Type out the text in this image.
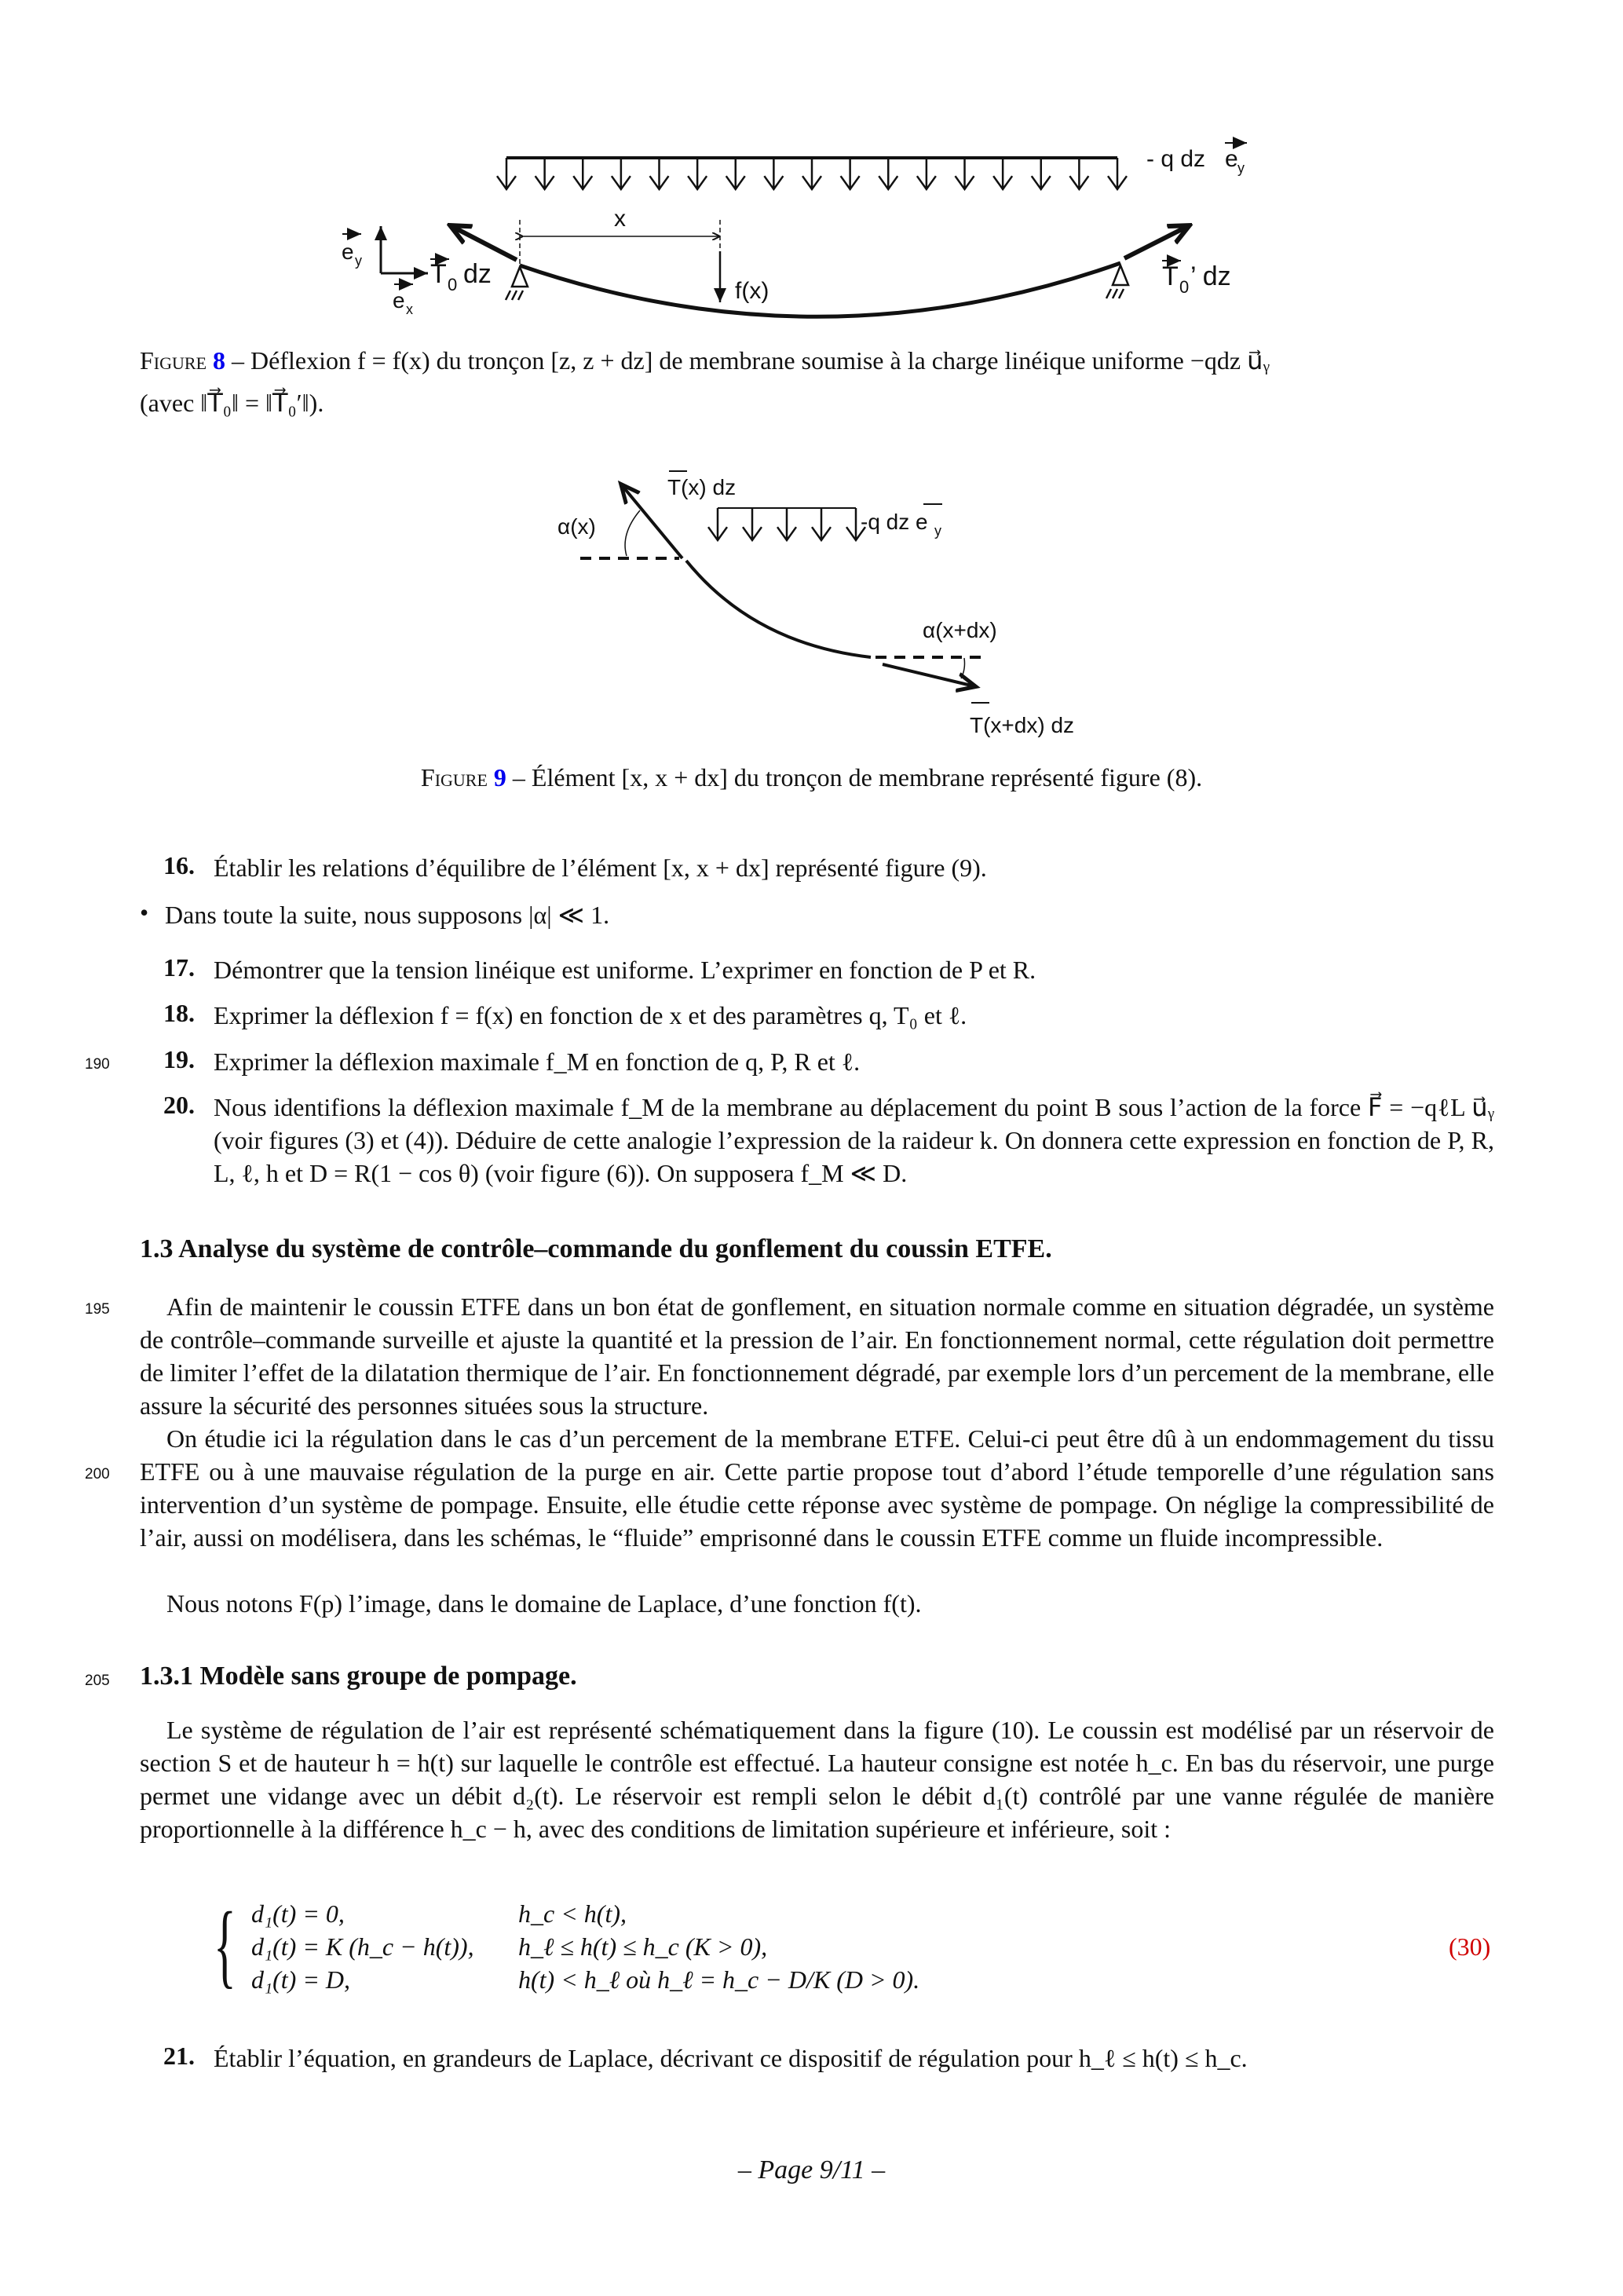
- q dz e y
e y
e x
T 0 dz
x
f(x)	T 0 ’ dz
Figure 8 – Déflexion f = f(x) du tronçon [z, z + dz] de membrane soumise à la charge linéique uniforme −qdz u⃗ᵧ
(avec ‖T⃗₀‖ = ‖T⃗₀′‖).
α(x)
T(x) dz
-q dz e y
α(x+dx)
T(x+dx) dz
Figure 9 – Élément [x, x + dx] du tronçon de membrane représenté figure (8).
16. Établir les relations d’équilibre de l’élément [x, x + dx] représenté figure (9).
• Dans toute la suite, nous supposons |α| ≪ 1.
17. Démontrer que la tension linéique est uniforme. L’exprimer en fonction de P et R.
18. Exprimer la déflexion f = f(x) en fonction de x et des paramètres q, T₀ et ℓ.
190 19. Exprimer la déflexion maximale f_M en fonction de q, P, R et ℓ.
20. Nous identifions la déflexion maximale f_M de la membrane au déplacement du point B sous l’action de la force F⃗ = −qℓL u⃗ᵧ (voir figures (3) et (4)). Déduire de cette analogie l’expression de la raideur k. On donnera cette expression en fonction de P, R, L, ℓ, h et D = R(1 − cos θ) (voir figure (6)). On supposera f_M ≪ D.
1.3 Analyse du système de contrôle–commande du gonflement du coussin ETFE.
195
200
Afin de maintenir le coussin ETFE dans un bon état de gonflement, en situation normale comme en situation dégradée, un système de contrôle–commande surveille et ajuste la quantité et la pression de l’air. En fonctionnement normal, cette régulation doit permettre de limiter l’effet de la dilatation thermique de l’air. En fonctionnement dégradé, par exemple lors d’un percement de la membrane, elle assure la sécurité des personnes situées sous la structure.
On étudie ici la régulation dans le cas d’un percement de la membrane ETFE. Celui-ci peut être dû à un endommagement du tissu ETFE ou à une mauvaise régulation de la purge en air. Cette partie propose tout d’abord l’étude temporelle d’une régulation sans intervention d’un système de pompage. Ensuite, elle étudie cette réponse avec système de pompage. On néglige la compressibilité de l’air, aussi on modélisera, dans les schémas, le “fluide” emprisonné dans le coussin ETFE comme un fluide incompressible.
Nous notons F(p) l’image, dans le domaine de Laplace, d’une fonction f(t).
205 1.3.1 Modèle sans groupe de pompage.
Le système de régulation de l’air est représenté schématiquement dans la figure (10). Le coussin est modélisé par un réservoir de section S et de hauteur h = h(t) sur laquelle le contrôle est effectué. La hauteur consigne est notée h_c. En bas du réservoir, une purge permet une vidange avec un débit d₂(t). Le réservoir est rempli selon le débit d₁(t) contrôlé par une vanne régulée de manière proportionnelle à la différence h_c − h, avec des conditions de limitation supérieure et inférieure, soit :
{ d₁(t) = 0,	h_c < h(t),
d₁(t) = K (h_c − h(t)), h_ℓ ≤ h(t) ≤ h_c (K > 0),
d₁(t) = D,	h(t) < h_ℓ où h_ℓ = h_c − D/K (D > 0).
(30)
21. Établir l’équation, en grandeurs de Laplace, décrivant ce dispositif de régulation pour h_ℓ ≤ h(t) ≤ h_c.
– Page 9/11 –
